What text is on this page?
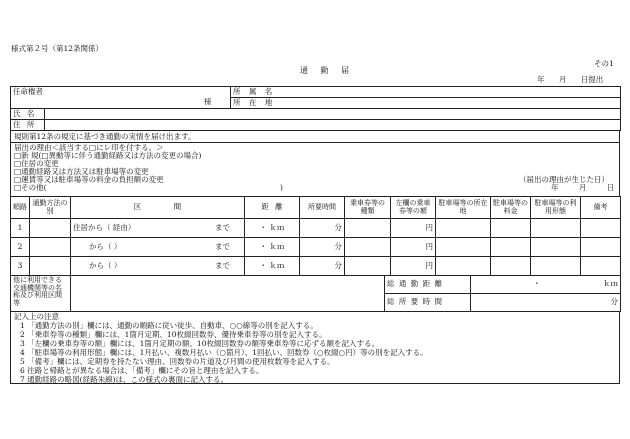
様式第２号（第12条関係）
その1
通 勤 届
年 月 日提出
任命権者		所 属 名
様		所 在 地
氏 名	
住 所	
規則第12条の規定に基づき通勤の実情を届け出ます。
届出の理由＜該当する□にレ印を付する。＞
□新 規(□異動等に伴う通勤経路又は方法の変更の場合)
□住居の変更
□通勤経路又は方法又は駐車場等の変更
□運賃等又は駐車場等の料金の負担額の変更
□その他(	)
（届出の理由が生じた日）
年 月 日
順路	通勤方法の 別	区 間	距 離	所要時間	乗車券等の種類	左欄の乗車券等の額	駐車場等の所在地	駐車場等の料金	駐車場等の利用形態	備考
1		住居から（ 経由） まで	・ ｋｍ	分		円				
2		から（ ） まで	・ ｋｍ	分		円				
3		から（ ） まで	・ ｋｍ	分		円				
他に利用できる交通機関等の名称及び利用区間等		総 通 勤 距 離	・ ｋｍ
		総 所 要 時 間	分
記入上の注意
1 「通勤方法の別」欄には、通勤の順路に従い徒歩、自動車、○○線等の別を記入する。
2 「乗車券等の種類」欄には、1箇月定期、10枚綴回数券、優待乗車券等の別を記入する。
3 「左欄の乗車券等の額」欄には、1箇月定期の額、10枚綴回数券の額等乗車券等に応ずる額を記入する。
4 「駐車場等の利用形態」欄には、1月払い、複数月払い（○箇月）、1回払い、回数券（○枚綴○円）等の別を記入する。
5 「備考」欄には、定期券を持たない理由、回数券の片道及び月間の使用枚数等を記入する。
6 往路と帰路とが異なる場合は、「備考」欄にその旨と理由を記入する。
7 通勤経路の略図(経路朱線)は、この様式の裏面に記入する。
